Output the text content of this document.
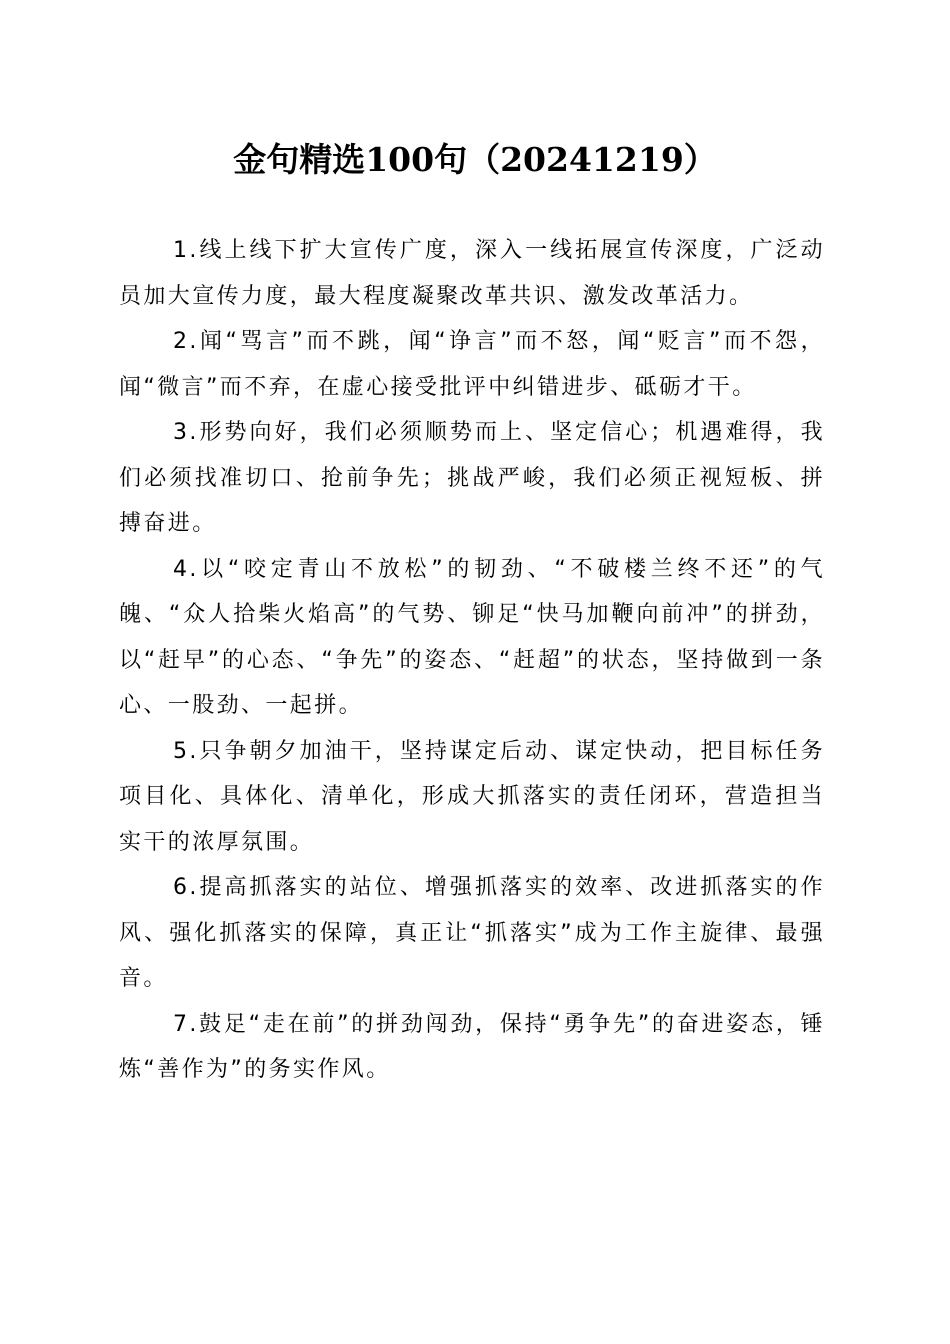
金句精选100句（20241219）

1.线上线下扩大宣传广度，深入一线拓展宣传深度，广泛动员加大宣传力度，最大程度凝聚改革共识、激发改革活力。

2.闻“骂言”而不跳，闻“诤言”而不怒，闻“贬言”而不怨，闻“微言”而不弃，在虚心接受批评中纠错进步、砥砺才干。

3.形势向好，我们必须顺势而上、坚定信心；机遇难得，我们必须找准切口、抢前争先；挑战严峻，我们必须正视短板、拼搏奋进。

4.以“咬定青山不放松”的韧劲、“不破楼兰终不还”的气魄、“众人拾柴火焰高”的气势、铆足“快马加鞭向前冲”的拼劲，以“赶早”的心态、“争先”的姿态、“赶超”的状态，坚持做到一条心、一股劲、一起拼。

5.只争朝夕加油干，坚持谋定后动、谋定快动，把目标任务项目化、具体化、清单化，形成大抓落实的责任闭环，营造担当实干的浓厚氛围。

6.提高抓落实的站位、增强抓落实的效率、改进抓落实的作风、强化抓落实的保障，真正让“抓落实”成为工作主旋律、最强音。

7.鼓足“走在前”的拼劲闯劲，保持“勇争先”的奋进姿态，锤炼“善作为”的务实作风。
